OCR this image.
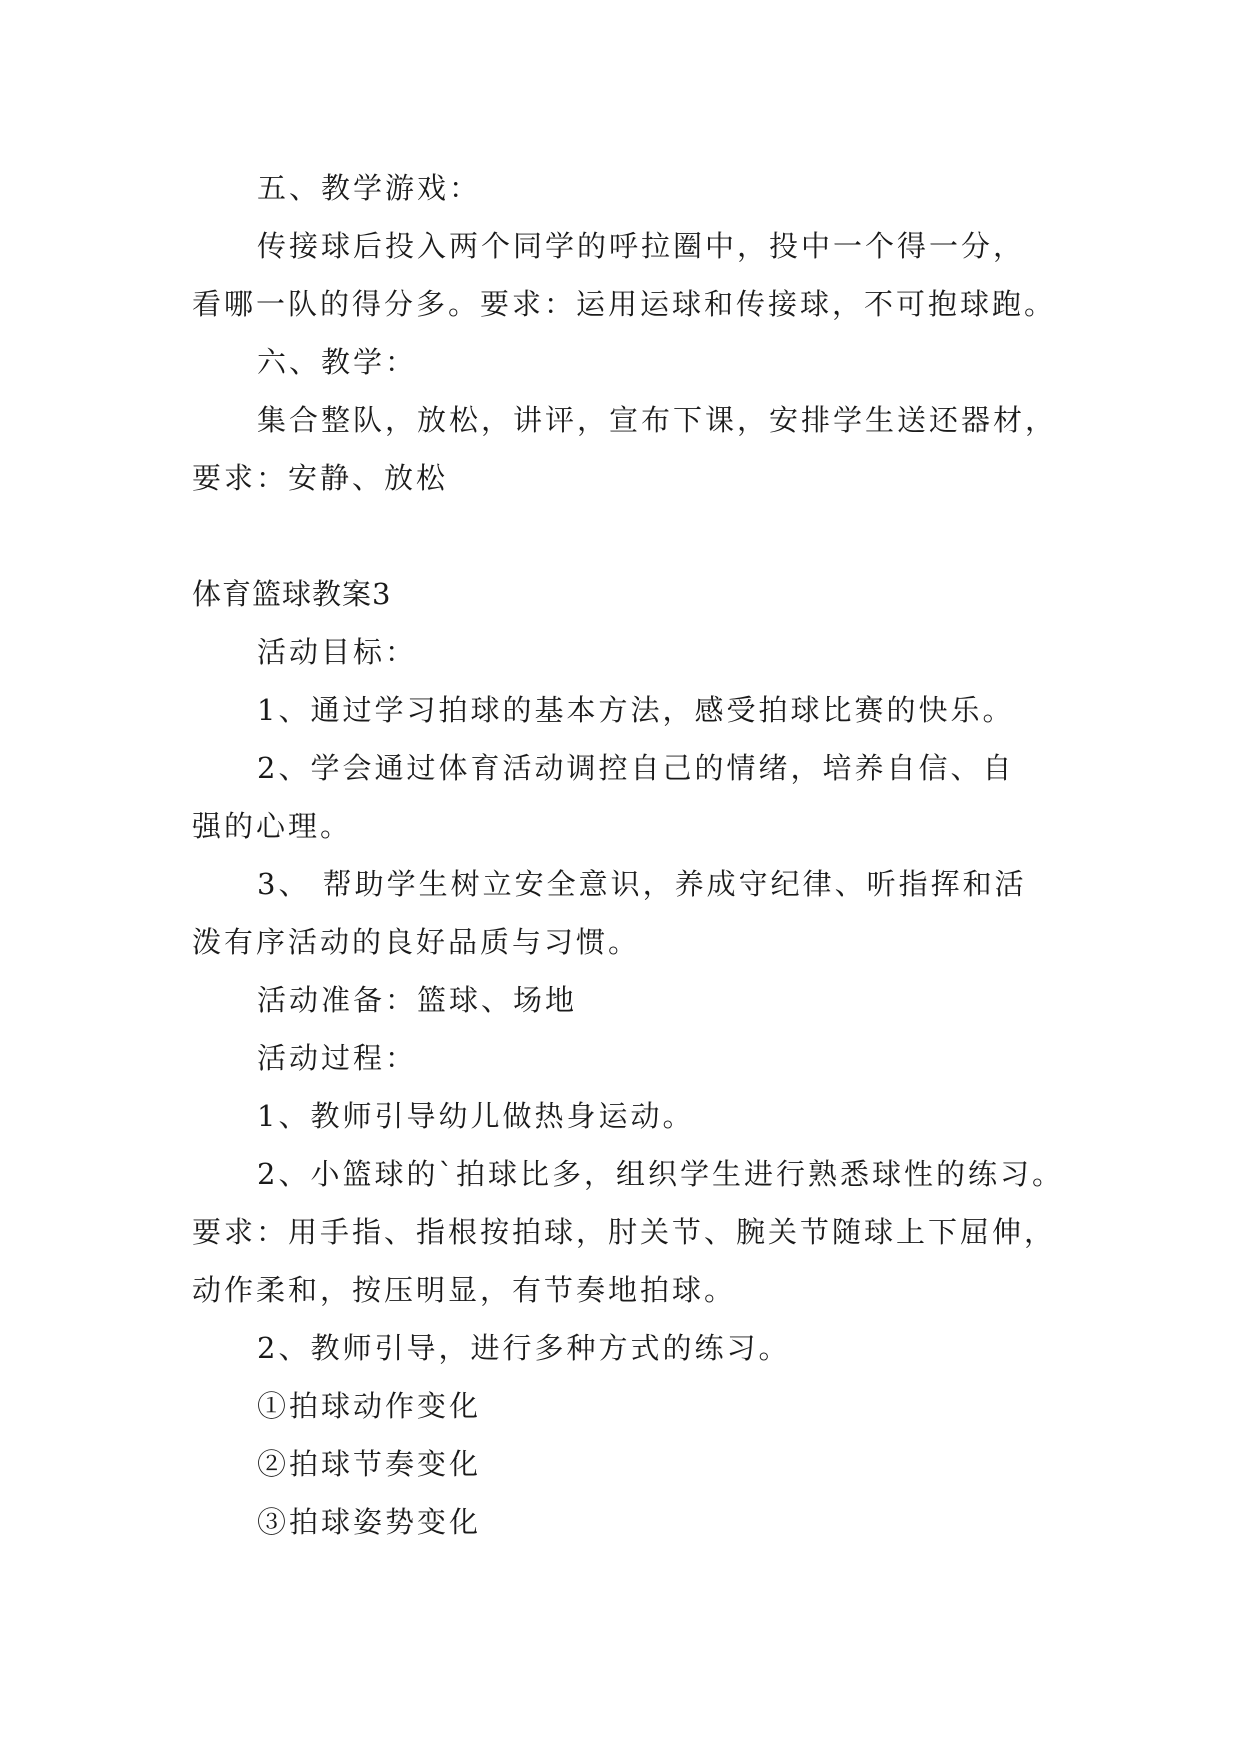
五、教学游戏：
传接球后投入两个同学的呼拉圈中，投中一个得一分，
看哪一队的得分多。要求：运用运球和传接球，不可抱球跑。
六、教学：
集合整队，放松，讲评，宣布下课，安排学生送还器材，
要求：安静、放松
体育篮球教案3
活动目标：
1、通过学习拍球的基本方法，感受拍球比赛的快乐。
2、学会通过体育活动调控自己的情绪，培养自信、自
强的心理。
3、 帮助学生树立安全意识，养成守纪律、听指挥和活
泼有序活动的良好品质与习惯。
活动准备：篮球、场地
活动过程：
1、教师引导幼儿做热身运动。
2、小篮球的`拍球比多，组织学生进行熟悉球性的练习。
要求：用手指、指根按拍球，肘关节、腕关节随球上下屈伸，
动作柔和，按压明显，有节奏地拍球。
2、教师引导，进行多种方式的练习。
①拍球动作变化
②拍球节奏变化
③拍球姿势变化
